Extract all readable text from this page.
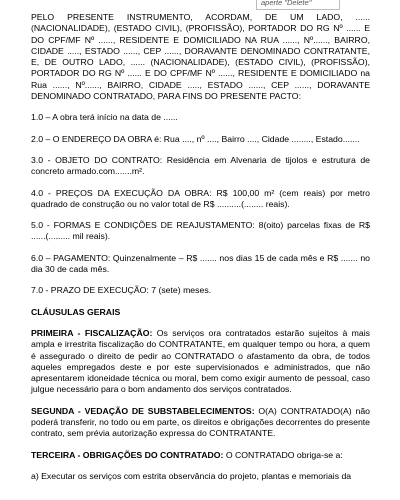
aperte "Delete"

PELO PRESENTE INSTRUMENTO, ACORDAM, DE UM LADO, ...... (NACIONALIDADE), (ESTADO CIVIL), (PROFISSÃO), PORTADOR DO RG Nº ...... E DO CPF/MF Nº ......, RESIDENTE E DOMICILIADO NA RUA ......, Nº......, BAIRRO, CIDADE ....., ESTADO ......, CEP ......, DORAVANTE DENOMINADO CONTRATANTE, E, DE OUTRO LADO, ...... (NACIONALIDADE), (ESTADO CIVIL), (PROFISSÃO), PORTADOR DO RG Nº ...... E DO CPF/MF Nº ......, RESIDENTE E DOMICILIADO na Rua ......, Nº......, BAIRRO, CIDADE ....., ESTADO ......, CEP ......, DORAVANTE DENOMINADO CONTRATADO, PARA FINS DO PRESENTE PACTO:

1.0 – A obra terá início na data de ......

2.0 – O ENDEREÇO DA OBRA é: Rua ...., nº ...., Bairro ...., Cidade ........, Estado.......

3.0 - OBJETO DO CONTRATO: Residência em Alvenaria de tijolos e estrutura de concreto armado.com.......m².

4.0 - PREÇOS DA EXECUÇÃO DA OBRA: R$ 100,00 m² (cem reais) por metro quadrado de construção ou no valor total de R$ ..........(........ reais).

5.0 - FORMAS E CONDIÇÕES DE REAJUSTAMENTO: 8(oito) parcelas fixas de R$ ......(......... mil reais).

6.0 – PAGAMENTO: Quinzenalmente – R$ ....... nos dias 15 de cada mês e R$ ....... no dia 30 de cada mês.

7.0 - PRAZO DE EXECUÇÃO: 7 (sete) meses.

CLÁUSULAS GERAIS

PRIMEIRA - FISCALIZAÇÃO: Os serviços ora contratados estarão sujeitos à mais ampla e irrestrita fiscalização do CONTRATANTE, em qualquer tempo ou hora, a quem é assegurado o direito de pedir ao CONTRATADO o afastamento da obra, de todos aqueles empregados deste e por este supervisionados e administrados, que não apresentarem idoneidade técnica ou moral, bem como exigir aumento de pessoal, caso julgue necessário para o bom andamento dos serviços contratados.

SEGUNDA - VEDAÇÃO DE SUBSTABELECIMENTOS: O(A) CONTRATADO(A) não poderá transferir, no todo ou em parte, os direitos e obrigações decorrentes do presente contrato, sem prévia autorização expressa do CONTRATANTE.

TERCEIRA - OBRIGAÇÕES DO CONTRATADO: O CONTRATADO obriga-se a:

a) Executar os serviços com estrita observância do projeto, plantas e memoriais da
